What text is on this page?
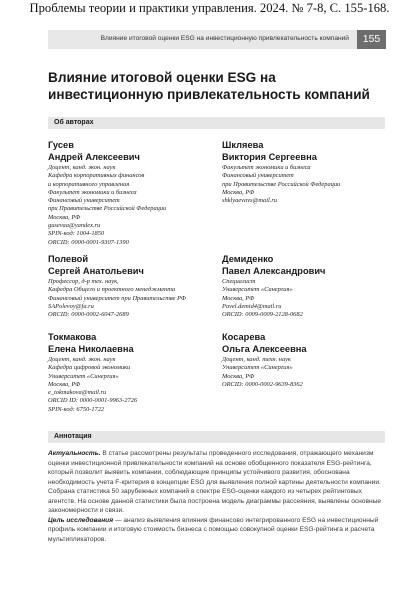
Проблемы теории и практики управления. 2024. № 7-8, С. 155-168.
Влияние итоговой оценки ESG на инвестиционную привлекательность компаний	155
Влияние итоговой оценки ESG на
инвестиционную привлекательность компаний
Об авторах
Гусев
Андрей Алексеевич
Доцент, канд. экон. наук
Кафедра корпоративных финансов
и корпоративного управления
Факультет экономики и бизнеса
Финансовый университет
при Правительстве Российской Федерации
Москва, РФ
gusevaa@yandex.ru
SPIN-код: 1004-1850
ORCID: 0000-0001-9307-1390
Шкляева
Виктория Сергеевна
Факультет экономики и бизнеса
Финансовый университет
при Правительстве Российской Федерации
Москва, РФ
shklyaevavs@mail.ru
Полевой
Сергей Анатольевич
Профессор, д-р тех. наук,
Кафедра Общего и проектного менеджмента
Финансовый университет при Правительстве РФ
SAPolevoy@fa.ru
ORCID: 0000-0002-6047-2689
Демиденко
Павел Александрович
Специалист
Университет «Синергия»
Москва, РФ
Pavel.demid4@mail.ru
ORCID: 0009-0009-2128-0682
Токмакова
Елена Николаевна
Доцент, канд. экон. наук
Кафедра цифровой экономики
Университет «Синергия»
Москва, РФ
e_tokmakova@mail.ru
ORCID ID: 0000-0001-9963-2726
SPIN-код: 6750-1722
Косарева
Ольга Алексеевна
Доцент, канд. техн. наук
Университет «Синергия»
Москва, РФ
ORCID: 0000-0002-9639-8362
Аннотация

Актуальность. В статье рассмотрены результаты проведенного исследования, отражающего механизм оценки инвестиционной привлекательности компаний на основе обобщенного показателя ESG-рейтинга, который позволит выявить компании, соблюдающие принципы устойчивого развития, обоснована необходимость учета F-критерия в концепции ESG для выявления полной картины деятельности компании. Собрана статистика 50 зарубежных компаний в спектре ESG-оценки каждого из четырех рейтинговых агентств. На основе данной статистики была построена модель диаграммы рассеяния, выявлены основные закономерности и связи.

Цель исследования — анализ выявления влияния финансово интегрированного ESG на инвестиционный профиль компании и итоговую стоимость бизнеса с помощью совокупной оценки ESG-рейтинга и расчета мультипликаторов.
